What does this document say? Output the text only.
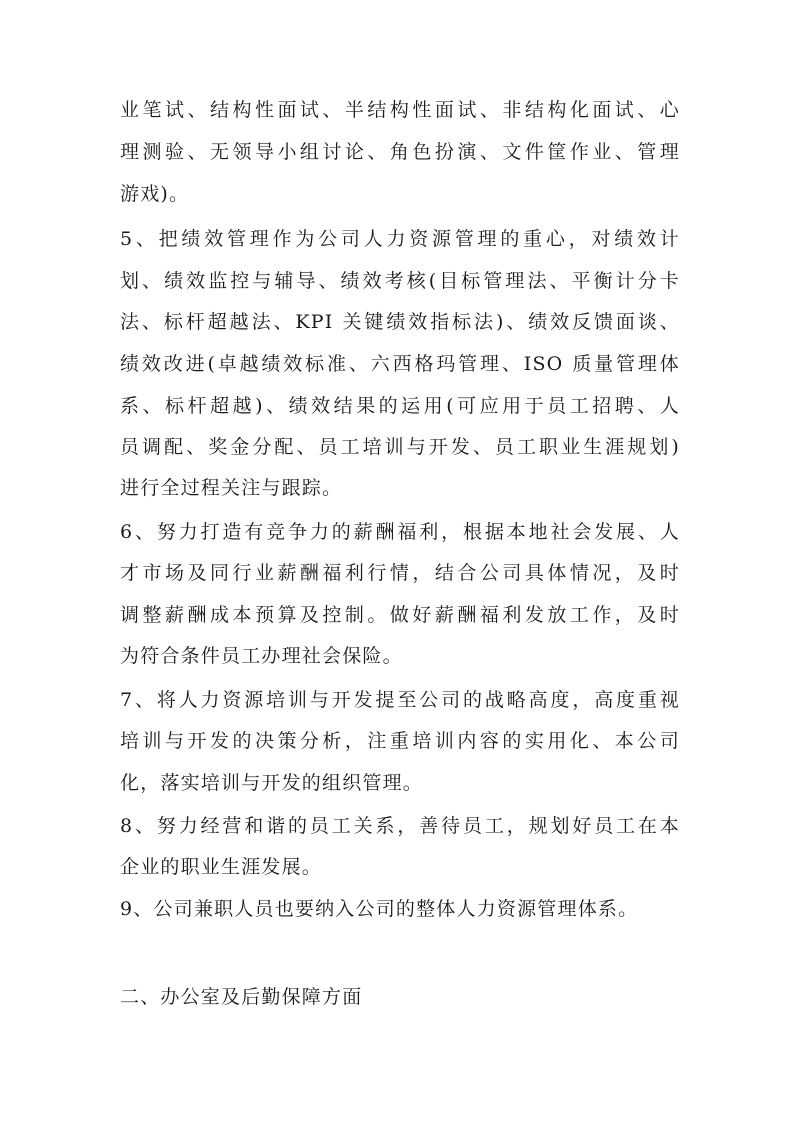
业笔试、结构性面试、半结构性面试、非结构化面试、心
理测验、无领导小组讨论、角色扮演、文件筐作业、管理
游戏)。
5、把绩效管理作为公司人力资源管理的重心，对绩效计
划、绩效监控与辅导、绩效考核(目标管理法、平衡计分卡
法、标杆超越法、KPI 关键绩效指标法)、绩效反馈面谈、
绩效改进(卓越绩效标准、六西格玛管理、ISO 质量管理体
系、标杆超越)、绩效结果的运用(可应用于员工招聘、人
员调配、奖金分配、员工培训与开发、员工职业生涯规划)
进行全过程关注与跟踪。
6、努力打造有竞争力的薪酬福利，根据本地社会发展、人
才市场及同行业薪酬福利行情，结合公司具体情况，及时
调整薪酬成本预算及控制。做好薪酬福利发放工作，及时
为符合条件员工办理社会保险。
7、将人力资源培训与开发提至公司的战略高度，高度重视
培训与开发的决策分析，注重培训内容的实用化、本公司
化，落实培训与开发的组织管理。
8、努力经营和谐的员工关系，善待员工，规划好员工在本
企业的职业生涯发展。
9、公司兼职人员也要纳入公司的整体人力资源管理体系。
二、办公室及后勤保障方面
